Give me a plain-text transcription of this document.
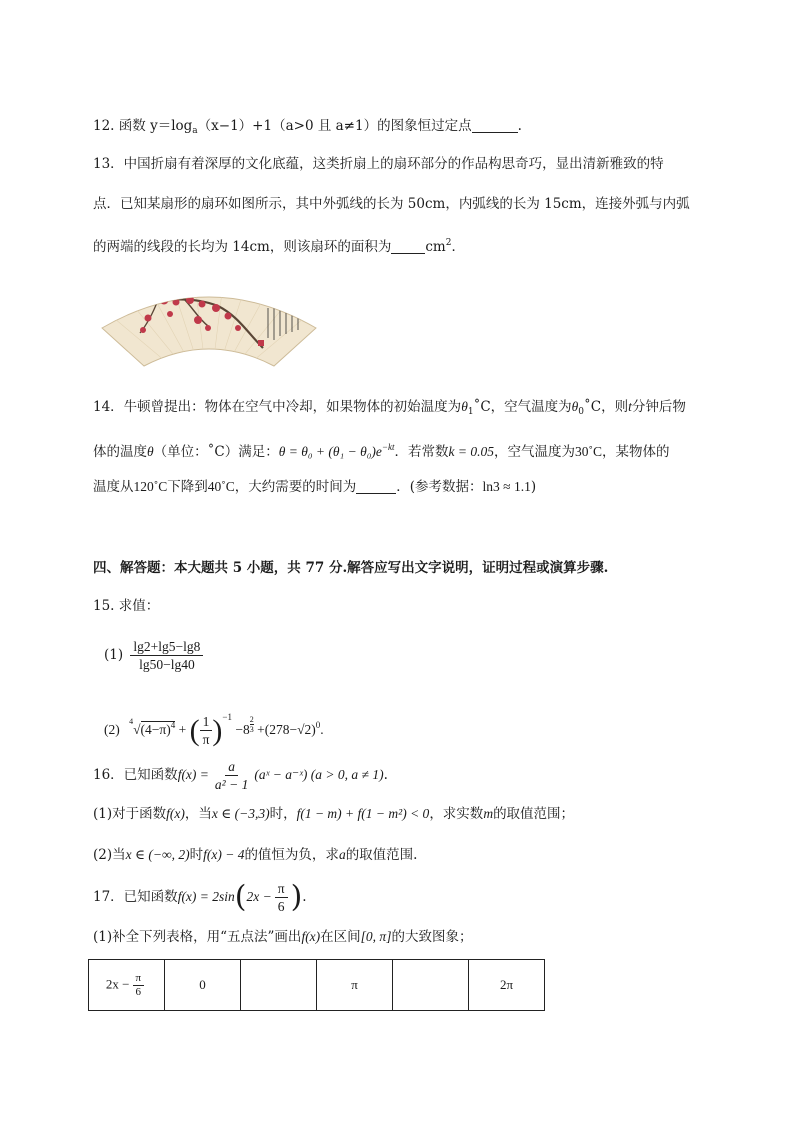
12. 函数 $y=\log_a(x-1)+1(a>0$ 且 a≠1）的图象恒过定点	.
13．中国折扇有着深厚的文化底蕴，这类折扇上的扇环部分的作品构思奇巧，显出清新雅致的特
点．已知某扇形的扇环如图所示，其中外弧线的长为 50cm，内弧线的长为 15cm，连接外弧与内弧
的两端的线段的长均为 14cm，则该扇环的面积为	$cm^2$．
14．牛顿曾提出：物体在空气中冷却，如果物体的初始温度为$\theta_1˚C$，空气温度为$\theta_0˚C$，则t分钟后物
体的温度θ（单位：˚C）满足：$\theta = \theta_0 + (\theta_1 - \theta_0)e^{-kt}$．若常数k = 0.05，空气温度为30˚C，某物体的
温度从120˚C下降到40˚C，大约需要的时间为	．(参考数据：ln3 ≈ 1.1)
四、解答题：本大题共 5 小题，共 77 分.解答应写出文字说明，证明过程或演算步骤.
15. 求值：
$(1) \frac{\lg 2+\lg 5-\lg 8}{\lg 50-\lg 40}$
(2) $^4√(4-\pi)^4$ + ( $\frac{1}{\pi} )^{-1} -8 \frac{2}{3} +(278-√2)^0$.
16．已知函数$f(x) = \frac{a}{\text{a² − 1}}$ (aˣ − a⁻ˣ) (a > 0, a ≠ 1).
(1)对于函数f(x)，当x ∈ (−3,3)时，f(1 − m) + f(1 − m²) < 0，求实数m的取值范围；
(2)当x ∈ (−∞, 2)时f(x) − 4的值恒为负，求a的取值范围.
17．已知函数$f(x) = 2\sin(2x - \frac{\pi}{6}$ ).
(1)补全下列表格，用“五点法”画出f(x)在区间[0, π]的大致图象；
$2x - \frac{\pi}{6}$	0		π		2π
